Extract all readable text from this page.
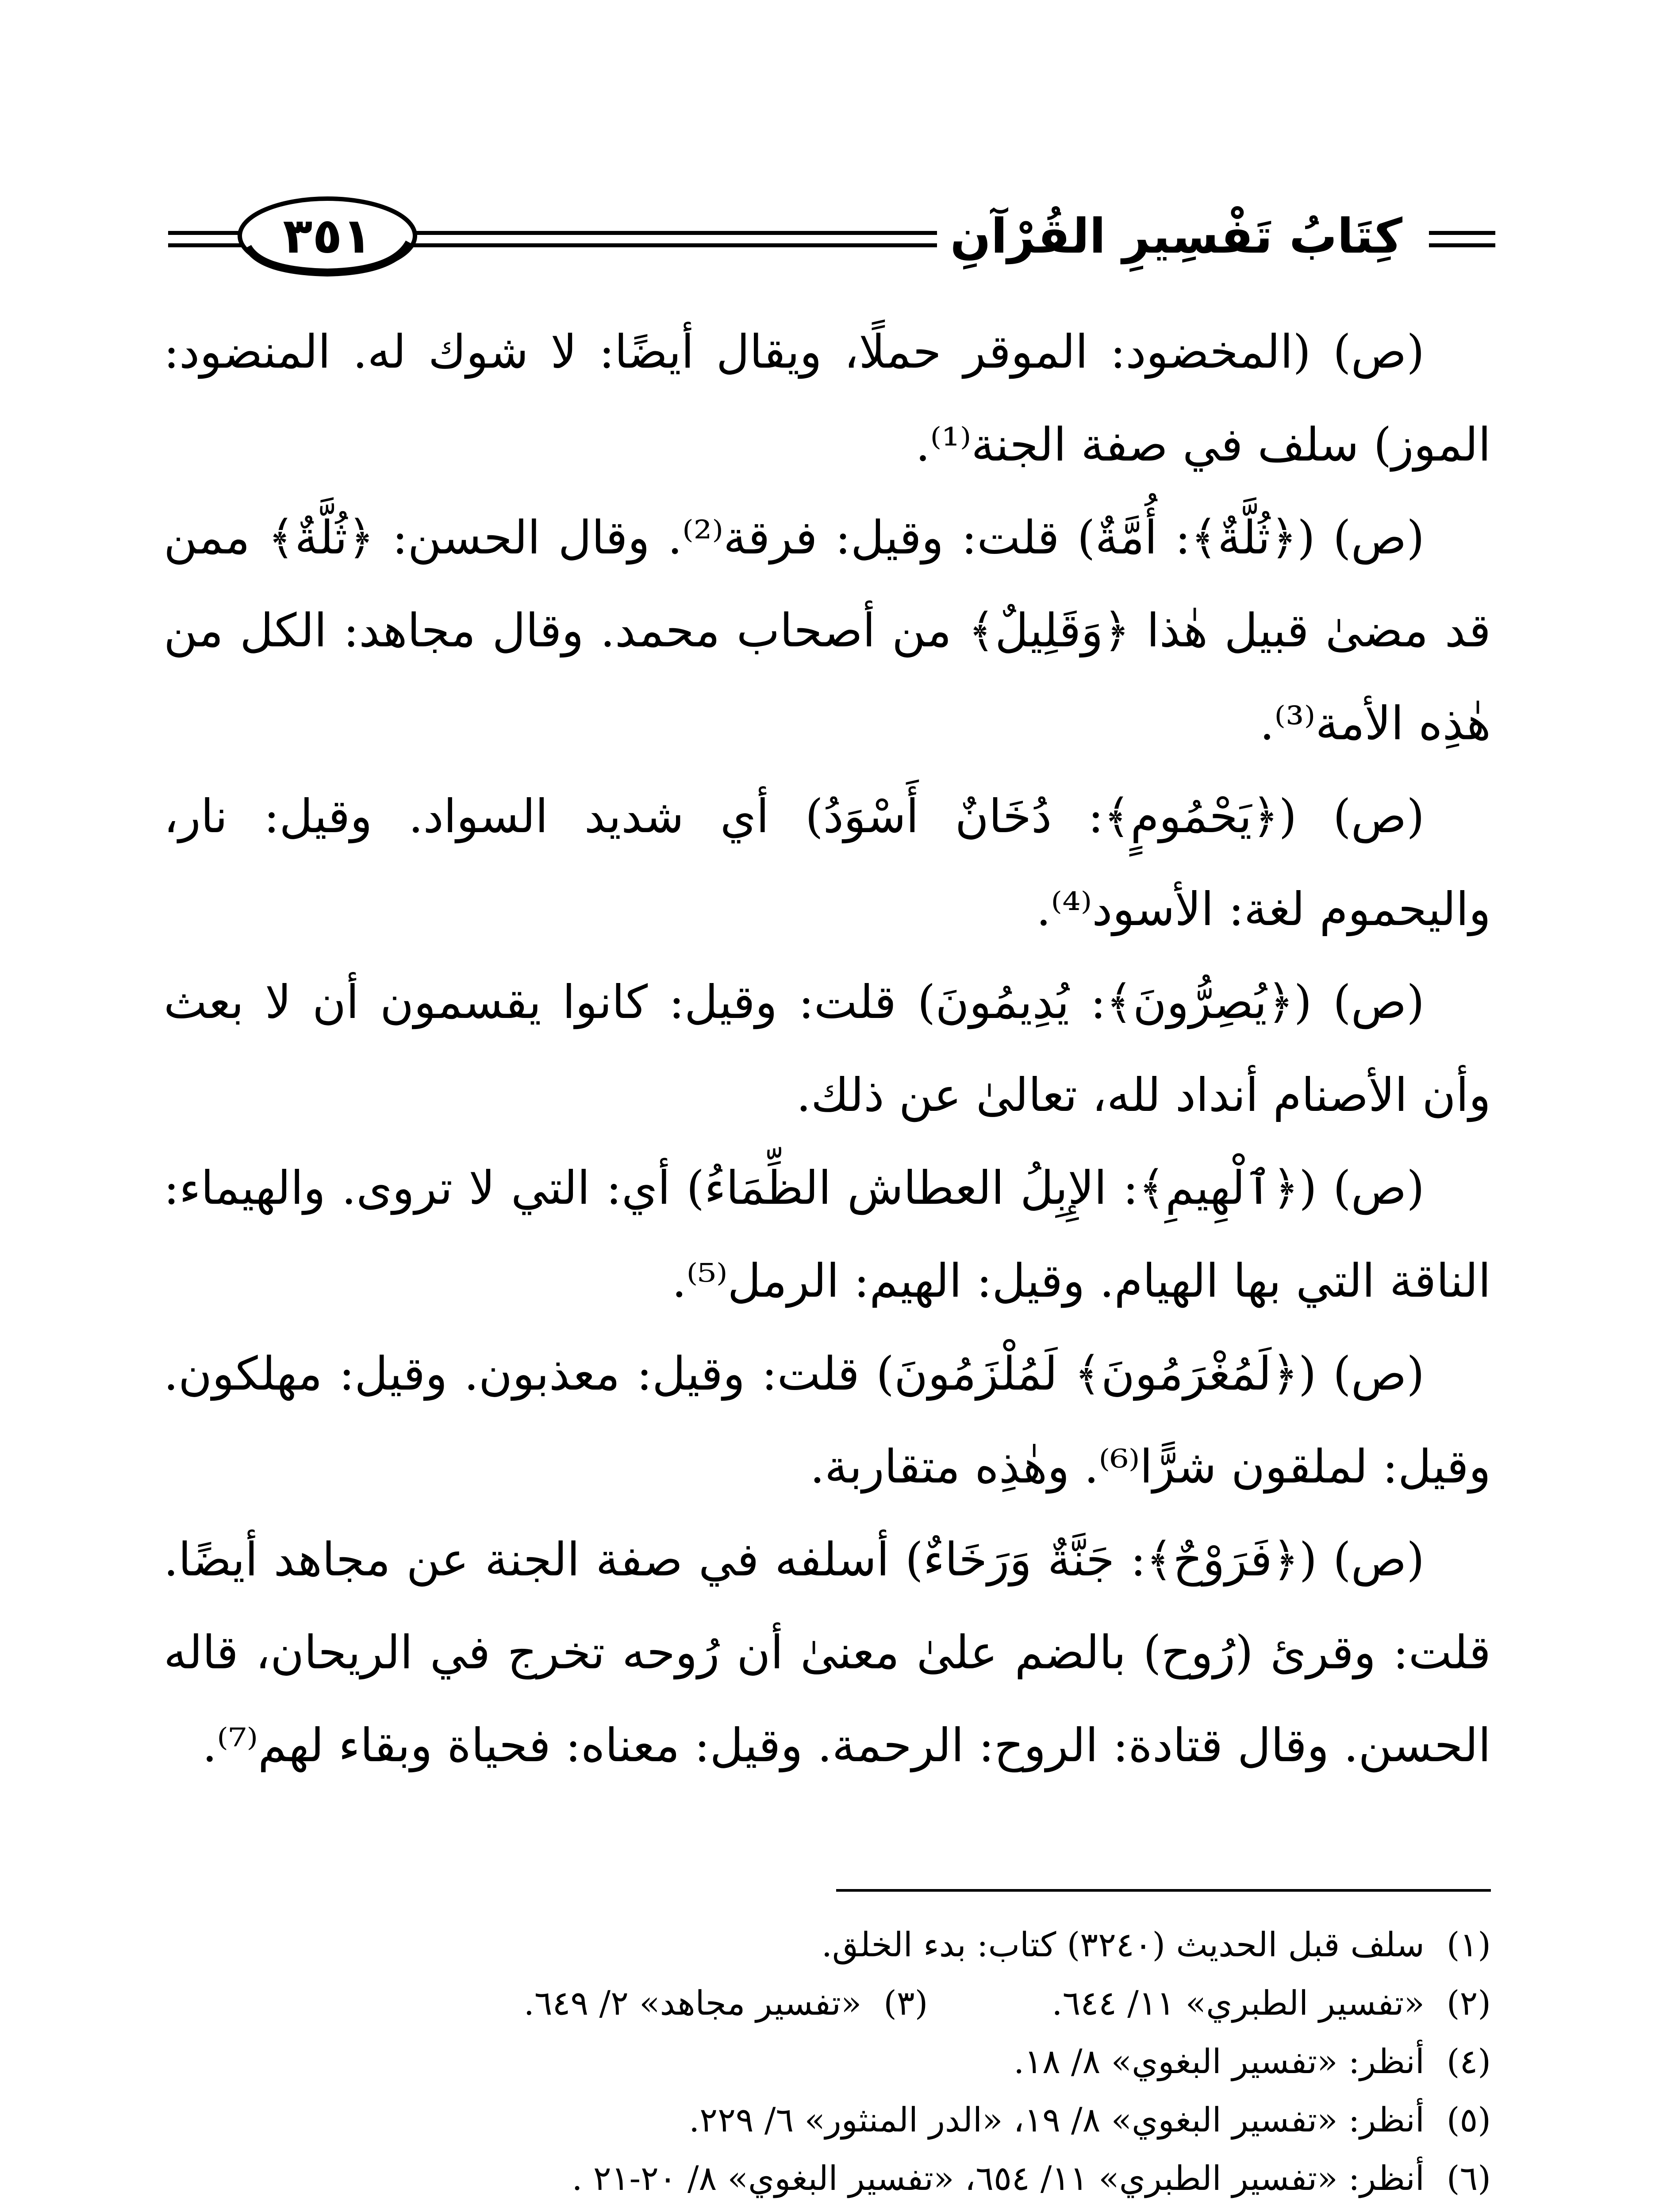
٣٥١	كِتَابُ تَفْسِيرِ القُرْآنِ

(ص) (المخضود: الموقر حملًا، ويقال أيضًا: لا شوك له. المنضود: الموز) سلف في صفة الجنة⁽¹⁾.

(ص) (﴿ثُلَّةٌ﴾: أُمَّةٌ) قلت: وقيل: فرقة⁽²⁾. وقال الحسن: ﴿ثُلَّةٌ﴾ ممن قد مضىٰ قبيل هٰذا ﴿وَقَلِيلٌ﴾ من أصحاب محمد. وقال مجاهد: الكل من هٰذِه الأمة⁽³⁾.

(ص) (﴿يَحْمُومٍ﴾: دُخَانٌ أَسْوَدُ) أي شديد السواد. وقيل: نار، واليحموم لغة: الأسود⁽⁴⁾.

(ص) (﴿يُصِرُّونَ﴾: يُدِيمُونَ) قلت: وقيل: كانوا يقسمون أن لا بعث وأن الأصنام أنداد لله، تعالىٰ عن ذلك.

(ص) (﴿ٱلْهِيمِ﴾: الإِبِلُ العطاش الظِّمَاءُ) أي: التي لا تروى. والهيماء: الناقة التي بها الهيام. وقيل: الهيم: الرمل⁽⁵⁾.

(ص) (﴿لَمُغْرَمُونَ﴾ لَمُلْزَمُونَ) قلت: وقيل: معذبون. وقيل: مهلكون. وقيل: لملقون شرًّا⁽⁶⁾. وهٰذِه متقاربة.

(ص) (﴿فَرَوْحٌ﴾: جَنَّةٌ وَرَخَاءٌ) أسلفه في صفة الجنة عن مجاهد أيضًا. قلت: وقرئ (رُوح) بالضم علىٰ معنىٰ أن رُوحه تخرج في الريحان، قاله الحسن. وقال قتادة: الروح: الرحمة. وقيل: معناه: فحياة وبقاء لهم⁽⁷⁾.

(١)
سلف قبل الحديث (٣٢٤٠) كتاب: بدء الخلق.
(٢)
«تفسير الطبري» ١١/ ٦٤٤.
(٣)
«تفسير مجاهد» ٢/ ٦٤٩.
(٤)
أنظر: «تفسير البغوي» ٨/ ١٨.
(٥)
أنظر: «تفسير البغوي» ٨/ ١٩، «الدر المنثور» ٦/ ٢٢٩.
(٦)
أنظر: «تفسير الطبري» ١١/ ٦٥٤، «تفسير البغوي» ٨/ ٢٠-٢١ .
